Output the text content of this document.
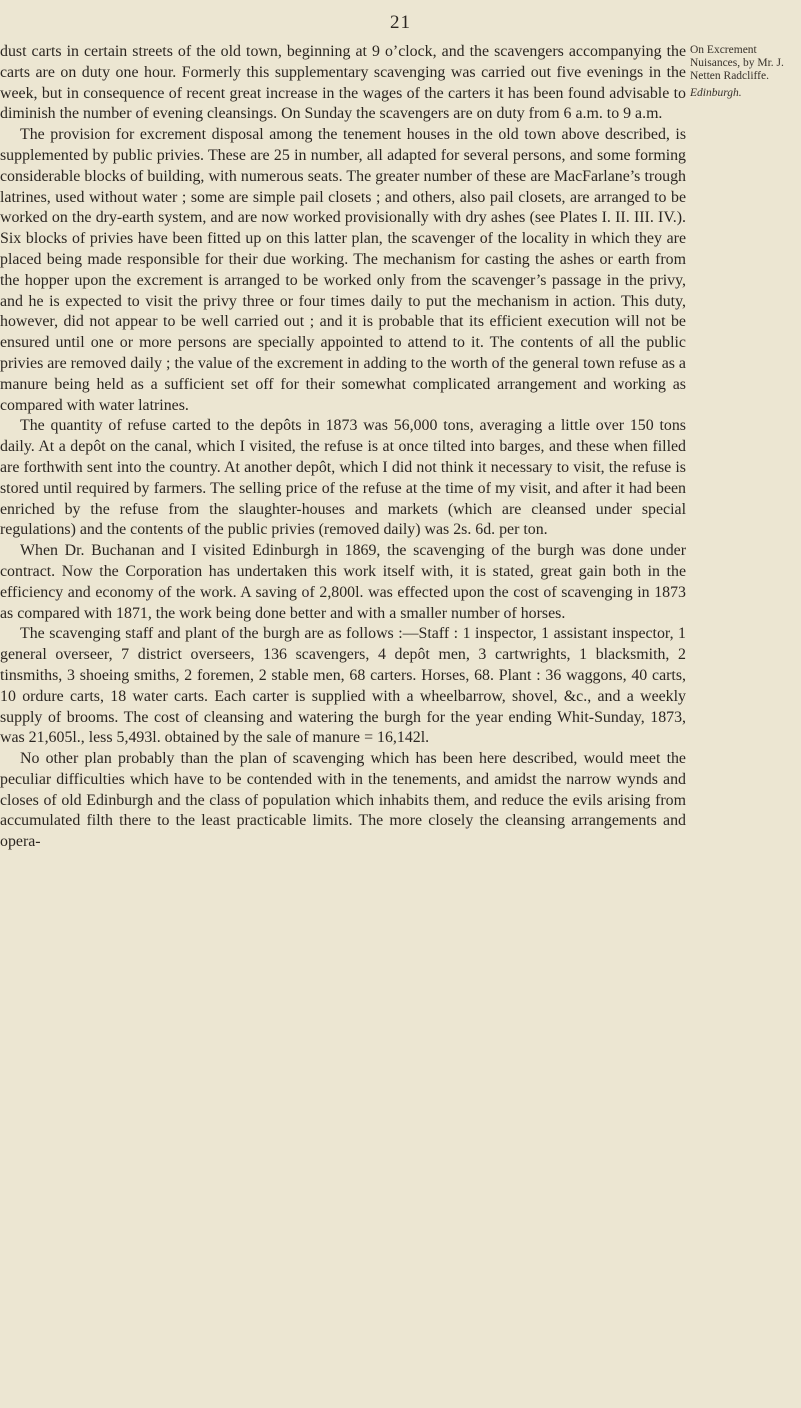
21

dust carts in certain streets of the old town, beginning at 9 o’clock, and the scavengers accompanying the carts are on duty one hour. Formerly this supplementary scavenging was carried out five evenings in the week, but in consequence of recent great increase in the wages of the carters it has been found advisable to diminish the number of evening cleansings. On Sunday the scavengers are on duty from 6 a.m. to 9 a.m.

The provision for excrement disposal among the tenement houses in the old town above described, is supplemented by public privies. These are 25 in number, all adapted for several persons, and some forming considerable blocks of building, with numerous seats. The greater number of these are MacFarlane’s trough latrines, used without water ; some are simple pail closets ; and others, also pail closets, are arranged to be worked on the dry-earth system, and are now worked provisionally with dry ashes (see Plates I. II. III. IV.). Six blocks of privies have been fitted up on this latter plan, the scavenger of the locality in which they are placed being made responsible for their due working. The mechanism for casting the ashes or earth from the hopper upon the excrement is arranged to be worked only from the scavenger’s passage in the privy, and he is expected to visit the privy three or four times daily to put the mechanism in action. This duty, however, did not appear to be well carried out ; and it is probable that its efficient execution will not be ensured until one or more persons are specially appointed to attend to it. The contents of all the public privies are removed daily ; the value of the excrement in adding to the worth of the general town refuse as a manure being held as a sufficient set off for their somewhat complicated arrangement and working as compared with water latrines.

The quantity of refuse carted to the depôts in 1873 was 56,000 tons, averaging a little over 150 tons daily. At a depôt on the canal, which I visited, the refuse is at once tilted into barges, and these when filled are forthwith sent into the country. At another depôt, which I did not think it necessary to visit, the refuse is stored until required by farmers. The selling price of the refuse at the time of my visit, and after it had been enriched by the refuse from the slaughter-houses and markets (which are cleansed under special regulations) and the contents of the public privies (removed daily) was 2s. 6d. per ton.

When Dr. Buchanan and I visited Edinburgh in 1869, the scavenging of the burgh was done under contract. Now the Corporation has undertaken this work itself with, it is stated, great gain both in the efficiency and economy of the work. A saving of 2,800l. was effected upon the cost of scavenging in 1873 as compared with 1871, the work being done better and with a smaller number of horses.

The scavenging staff and plant of the burgh are as follows :—Staff : 1 inspector, 1 assistant inspector, 1 general overseer, 7 district overseers, 136 scavengers, 4 depôt men, 3 cartwrights, 1 blacksmith, 2 tinsmiths, 3 shoeing smiths, 2 foremen, 2 stable men, 68 carters. Horses, 68. Plant : 36 waggons, 40 carts, 10 ordure carts, 18 water carts. Each carter is supplied with a wheelbarrow, shovel, &c., and a weekly supply of brooms. The cost of cleansing and watering the burgh for the year ending Whit-Sunday, 1873, was 21,605l., less 5,493l. obtained by the sale of manure = 16,142l.

No other plan probably than the plan of scavenging which has been here described, would meet the peculiar difficulties which have to be contended with in the tenements, and amidst the narrow wynds and closes of old Edinburgh and the class of population which inhabits them, and reduce the evils arising from accumulated filth there to the least practicable limits. The more closely the cleansing arrangements and opera-

On Excrement Nuisances, by Mr. J. Netten Radcliffe.
Edinburgh.
